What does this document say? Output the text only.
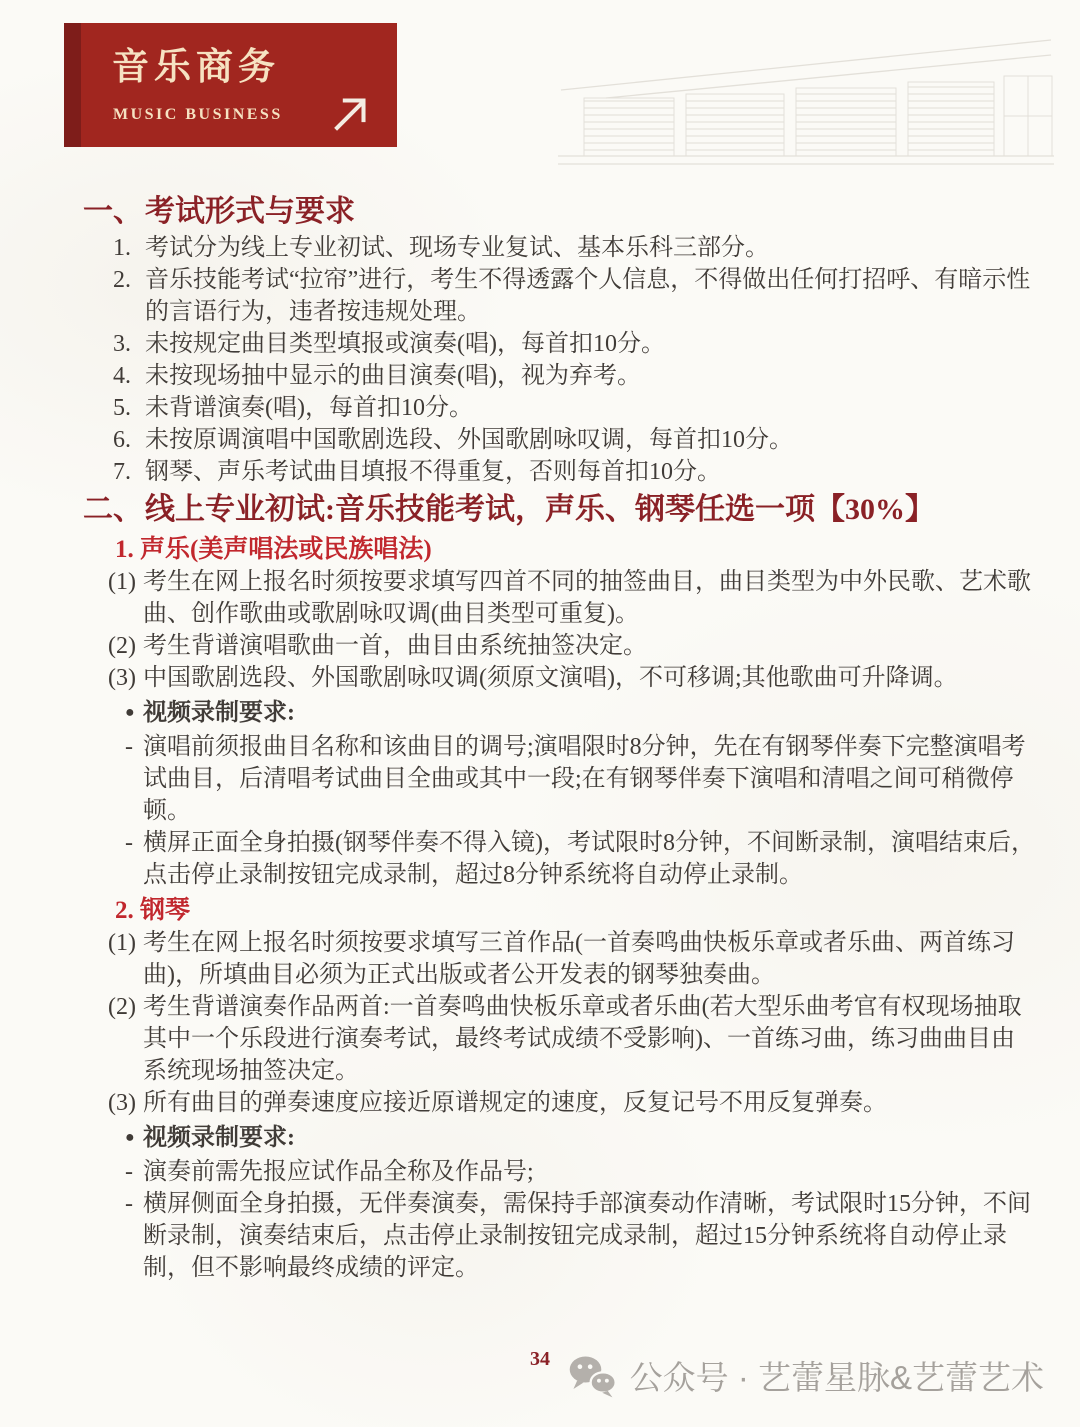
音乐商务
MUSIC BUSINESS
一、 考试形式与要求
1. 考试分为线上专业初试、现场专业复试、基本乐科三部分。
2. 音乐技能考试“拉帘”进行，考生不得透露个人信息，不得做出任何打招呼、有暗示性的言语行为，违者按违规处理。
3. 未按规定曲目类型填报或演奏(唱)，每首扣10分。
4. 未按现场抽中显示的曲目演奏(唱)，视为弃考。
5. 未背谱演奏(唱)，每首扣10分。
6. 未按原调演唱中国歌剧选段、外国歌剧咏叹调，每首扣10分。
7. 钢琴、声乐考试曲目填报不得重复，否则每首扣10分。
二、 线上专业初试:音乐技能考试，声乐、钢琴任选一项【30%】
1. 声乐(美声唱法或民族唱法)
(1) 考生在网上报名时须按要求填写四首不同的抽签曲目，曲目类型为中外民歌、艺术歌曲、创作歌曲或歌剧咏叹调(曲目类型可重复)。
(2) 考生背谱演唱歌曲一首，曲目由系统抽签决定。
(3) 中国歌剧选段、外国歌剧咏叹调(须原文演唱)，不可移调;其他歌曲可升降调。
● 视频录制要求:
- 演唱前须报曲目名称和该曲目的调号;演唱限时8分钟，先在有钢琴伴奏下完整演唱考试曲目，后清唱考试曲目全曲或其中一段;在有钢琴伴奏下演唱和清唱之间可稍微停顿。
- 横屏正面全身拍摄(钢琴伴奏不得入镜)，考试限时8分钟，不间断录制，演唱结束后，点击停止录制按钮完成录制，超过8分钟系统将自动停止录制。
2. 钢琴
(1) 考生在网上报名时须按要求填写三首作品(一首奏鸣曲快板乐章或者乐曲、两首练习曲)，所填曲目必须为正式出版或者公开发表的钢琴独奏曲。
(2) 考生背谱演奏作品两首:一首奏鸣曲快板乐章或者乐曲(若大型乐曲考官有权现场抽取其中一个乐段进行演奏考试，最终考试成绩不受影响)、一首练习曲，练习曲曲目由系统现场抽签决定。
(3) 所有曲目的弹奏速度应接近原谱规定的速度，反复记号不用反复弹奏。
● 视频录制要求:
- 演奏前需先报应试作品全称及作品号;
- 横屏侧面全身拍摄，无伴奏演奏，需保持手部演奏动作清晰，考试限时15分钟，不间断录制，演奏结束后，点击停止录制按钮完成录制，超过15分钟系统将自动停止录制，但不影响最终成绩的评定。
34	公众号 · 艺蕾星脉&艺蕾艺术
